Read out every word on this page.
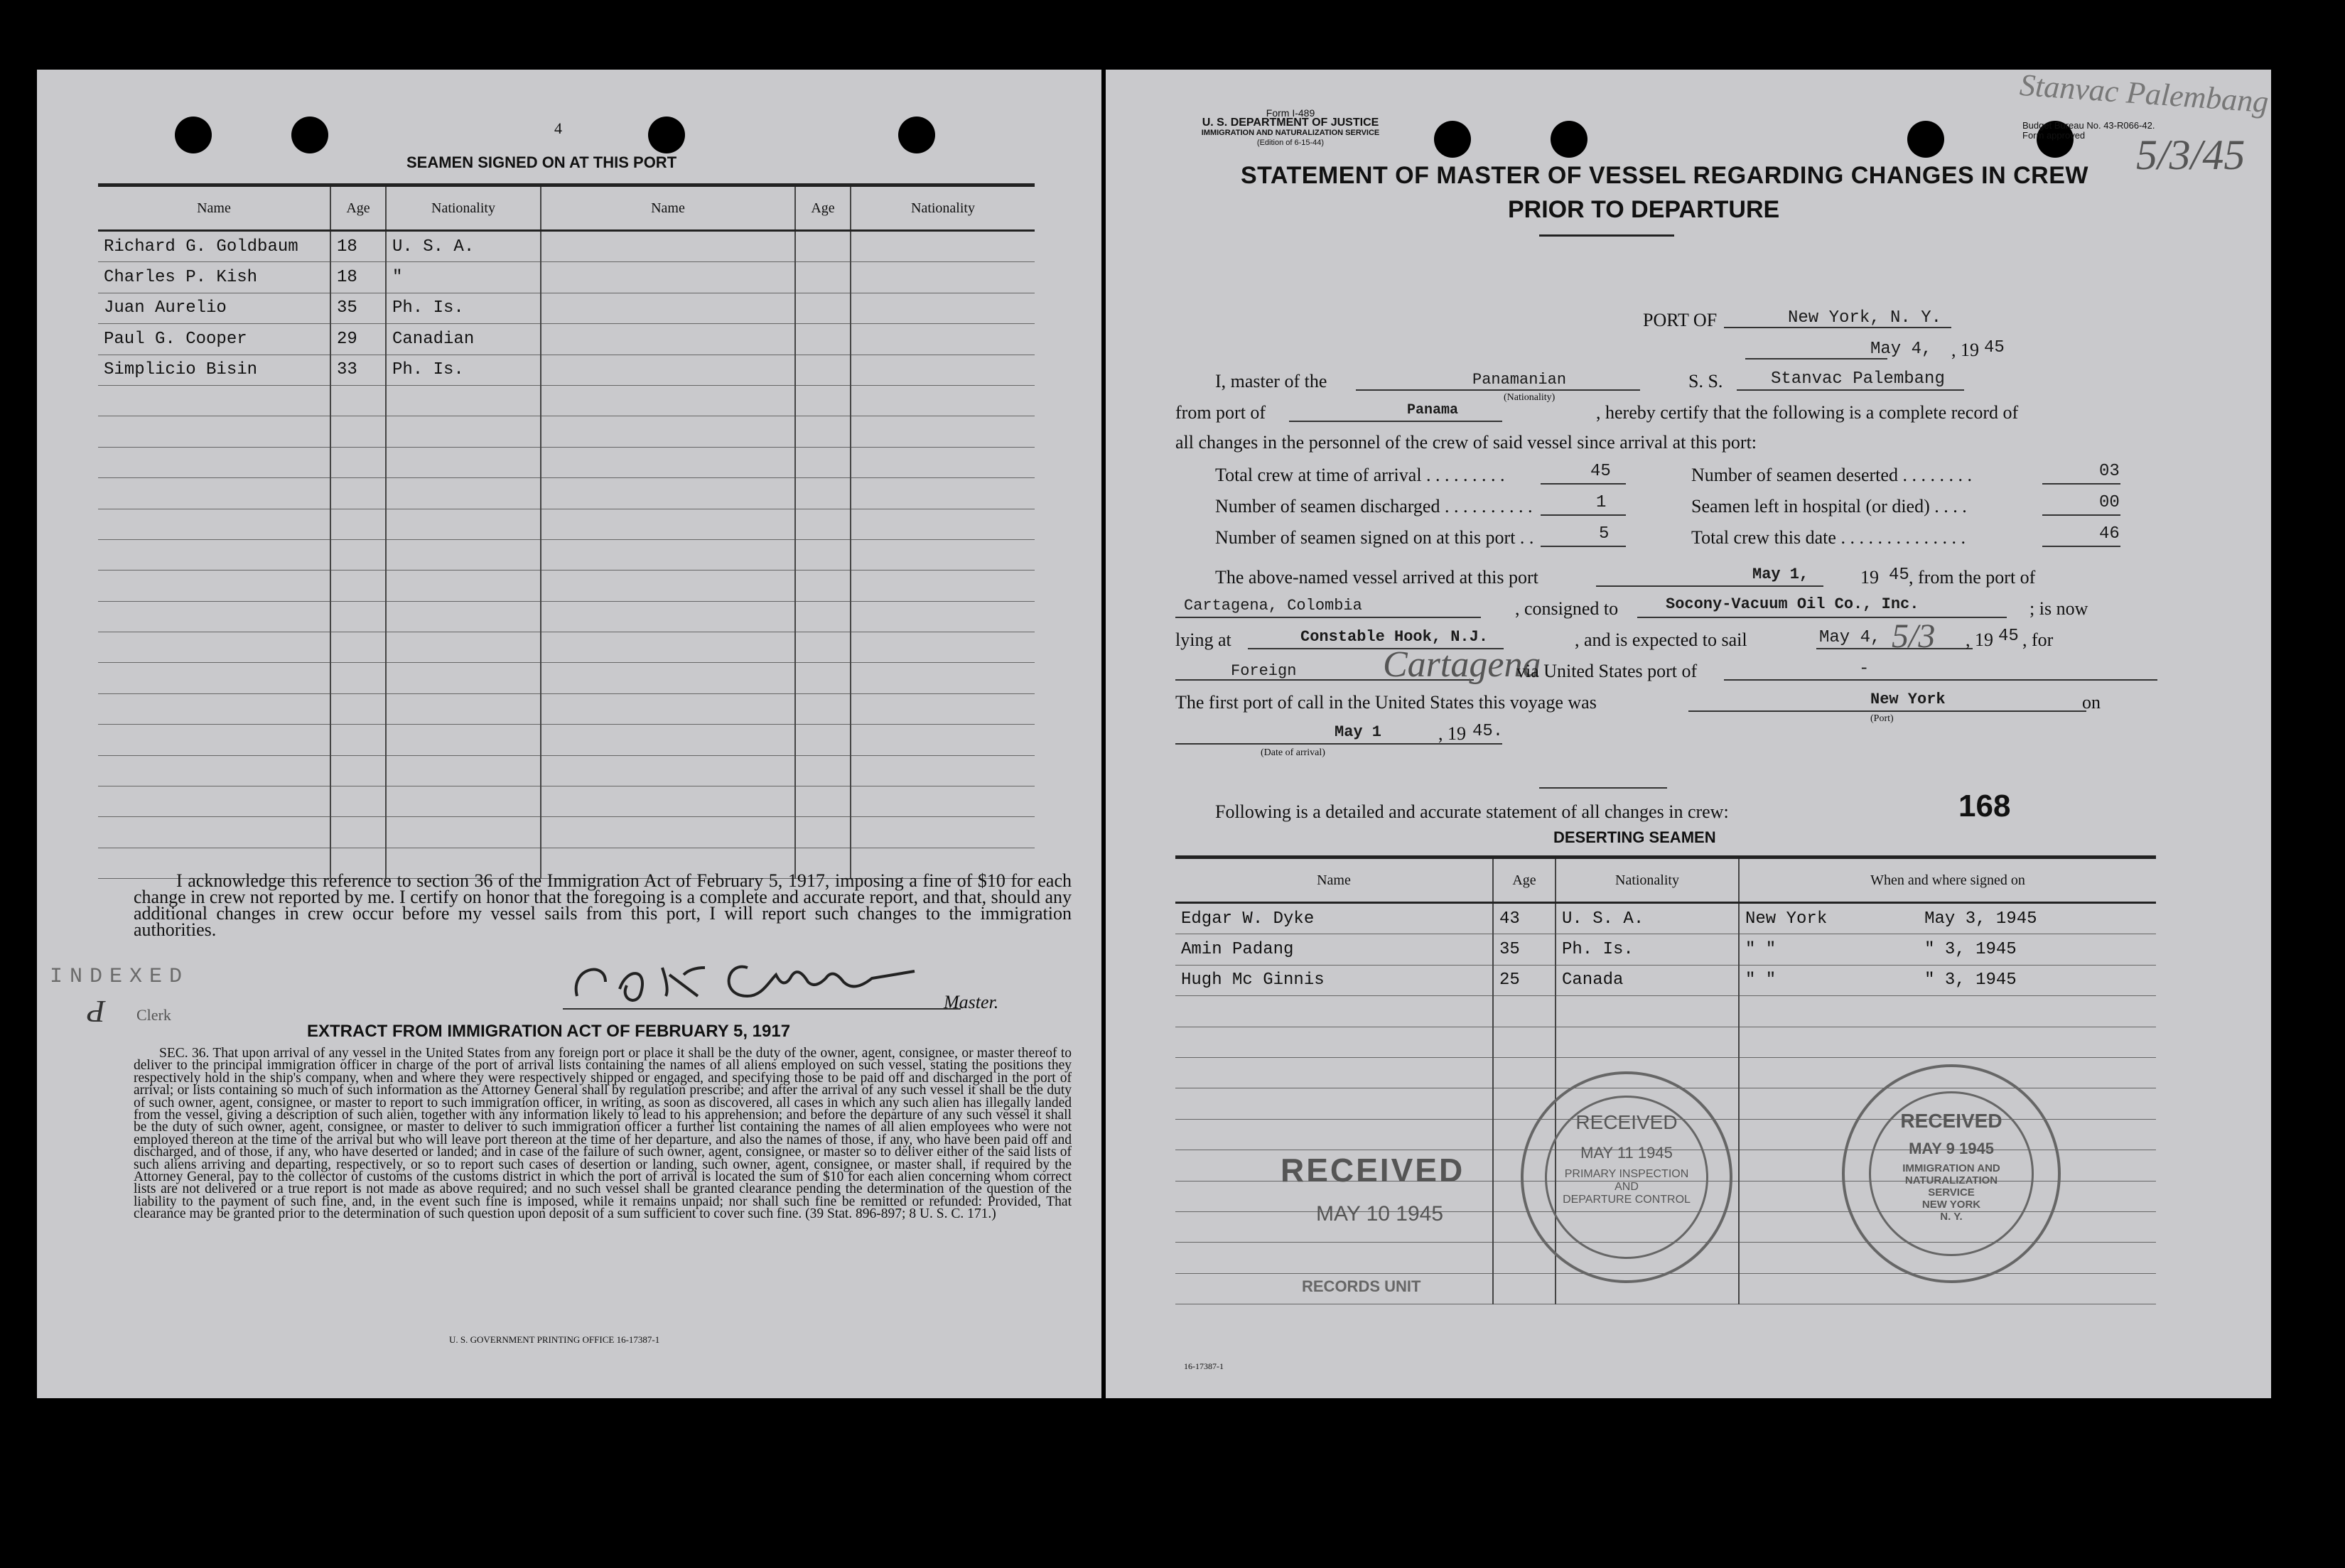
4
SEAMEN SIGNED ON AT THIS PORT
Name	Age	Nationality	Name	Age	Nationality
Richard G. Goldbaum	18	U. S. A.			
Charles P. Kish	18	"			
Juan Aurelio	35	Ph. Is.			
Paul G. Cooper	29	Canadian			
Simplicio Bisin	33	Ph. Is.			

I acknowledge this reference to section 36 of the Immigration Act of February 5, 1917, imposing a fine of $10 for each change in crew not reported by me. I certify on honor that the foregoing is a complete and accurate report, and that, should any additional changes in crew occur before my vessel sails from this port, I will report such changes to the immigration authorities.
INDEXED
Ԁ Clerk
Master.
EXTRACT FROM IMMIGRATION ACT OF FEBRUARY 5, 1917
SEC. 36. That upon arrival of any vessel in the United States from any foreign port or place it shall be the duty of the owner, agent, consignee, or master thereof to deliver to the principal immigration officer in charge of the port of arrival lists containing the names of all aliens employed on such vessel, stating the positions they respectively hold in the ship's company, when and where they were respectively shipped or engaged, and specifying those to be paid off and discharged in the port of arrival; or lists containing so much of such information as the Attorney General shall by regulation prescribe; and after the arrival of any such vessel it shall be the duty of such owner, agent, consignee, or master to report to such immigration officer, in writing, as soon as discovered, all cases in which any such alien has illegally landed from the vessel, giving a description of such alien, together with any information likely to lead to his apprehension; and before the departure of any such vessel it shall be the duty of such owner, agent, consignee, or master to deliver to such immigration officer a further list containing the names of all alien employees who were not employed thereon at the time of the arrival but who will leave port thereon at the time of her departure, and also the names of those, if any, who have been paid off and discharged, and of those, if any, who have deserted or landed; and in case of the failure of such owner, agent, consignee, or master so to deliver either of the said lists of such aliens arriving and departing, respectively, or so to report such cases of desertion or landing, such owner, agent, consignee, or master shall, if required by the Attorney General, pay to the collector of customs of the customs district in which the port of arrival is located the sum of $10 for each alien concerning whom correct lists are not delivered or a true report is not made as above required; and no such vessel shall be granted clearance pending the determination of the question of the liability to the payment of such fine, and, in the event such fine is imposed, while it remains unpaid; nor shall such fine be remitted or refunded: Provided, That clearance may be granted prior to the determination of such question upon deposit of a sum sufficient to cover such fine. (39 Stat. 896-897; 8 U. S. C. 171.)
U. S. GOVERNMENT PRINTING OFFICE 16-17387-1
Form I-489
U. S. DEPARTMENT OF JUSTICE
IMMIGRATION AND NATURALIZATION SERVICE
(Edition of 6-15-44)
Budget Bureau No. 43-R066-42.
Form approved
Stanvac Palembang
5/3/45
STATEMENT OF MASTER OF VESSEL REGARDING CHANGES IN CREW
PRIOR TO DEPARTURE
PORT OF	New York, N. Y.
May 4, , 19 45
I, master of the	Panamanian
(Nationality)
S. S.	Stanvac Palembang
from port of	Panama	, hereby certify that the following is a complete record of
all changes in the personnel of the crew of said vessel since arrival at this port:
Total crew at time of arrival . . . . . . . . .	45
Number of seamen discharged . . . . . . . . . .	1
Number of seamen signed on at this port . .	5
Number of seamen deserted . . . . . . . .	03
Seamen left in hospital (or died) . . . .	00
Total crew this date . . . . . . . . . . . . . .	46
The above-named vessel arrived at this port	May 1,	19 45 , from the port of
Cartagena, Colombia	, consigned to	Socony-Vacuum Oil Co., Inc.	; is now
lying at	Constable Hook, N.J.	, and is expected to sail	May 4, 5/3 , 19 45 , for
Foreign Cartagena
via United States port of	-
The first port of call in the United States this voyage was	New York
(Port)
on
May 1
(Date of arrival)
, 19 45.
Following is a detailed and accurate statement of all changes in crew:	168
DESERTING SEAMEN
Name	Age	Nationality	When and where signed on	
Edgar W. Dyke	43	U. S. A.	New York	May 3, 1945
Amin Padang	35	Ph. Is.	" "	" 3, 1945
Hugh Mc Ginnis	25	Canada	" "	" 3, 1945

RECEIVED
MAY 10 1945
RECORDS UNIT
RECEIVED
MAY 11 1945
PRIMARY INSPECTION
AND
DEPARTURE CONTROL
RECEIVED
MAY 9 1945
IMMIGRATION AND
NATURALIZATION
SERVICE
NEW YORK
N. Y.
16-17387-1
